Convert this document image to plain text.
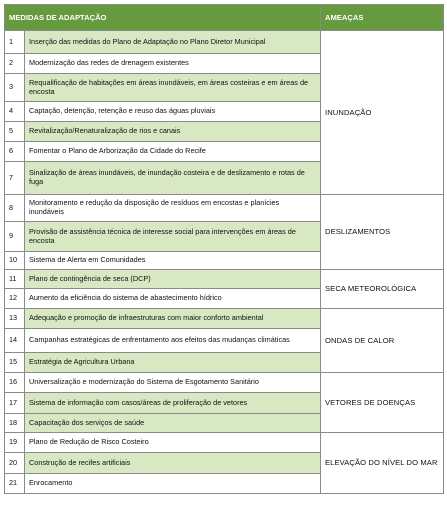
MEDIDAS DE ADAPTAÇÃO		AMEAÇAS
1	Inserção das medidas do Plano de Adaptação no Plano Diretor Municipal	INUNDAÇÃO
2	Modernização das redes de drenagem existentes	
3	Requalificação de habitações em áreas inundáveis, em áreas costeiras e em áreas de encosta	
4	Captação, detenção, retenção e reuso das águas pluviais	
5	Revitalização/Renaturalização de rios e canais	
6	Fomentar o Plano de Arborização da Cidade do Recife	
7	Sinalização de áreas inundáveis, de inundação costeira e de deslizamento e rotas de fuga	
8	Monitoramento e redução da disposição de resíduos em encostas e planícies inundáveis	DESLIZAMENTOS
9	Provisão de assistência técnica de interesse social para intervenções em áreas de encosta	
10	Sistema de Alerta em Comunidades	
11	Plano de contingência de seca (DCP)	SECA METEOROLÓGICA
12	Aumento da eficiência do sistema de abastecimento hídrico	
13	Adequação e promoção de infraestruturas com maior conforto ambiental	ONDAS DE CALOR
14	Campanhas estratégicas de enfrentamento aos efeitos das mudanças climáticas	
15	Estratégia de Agricultura Urbana	
16	Universalização e modernização do Sistema de Esgotamento Sanitário	VETORES DE DOENÇAS
17	Sistema de informação com casos/áreas de proliferação de vetores	
18	Capacitação dos serviços de saúde	
19	Plano de Redução de Risco Costeiro	ELEVAÇÃO DO NÍVEL DO MAR
20	Construção de recifes artificiais	
21	Enrocamento	
